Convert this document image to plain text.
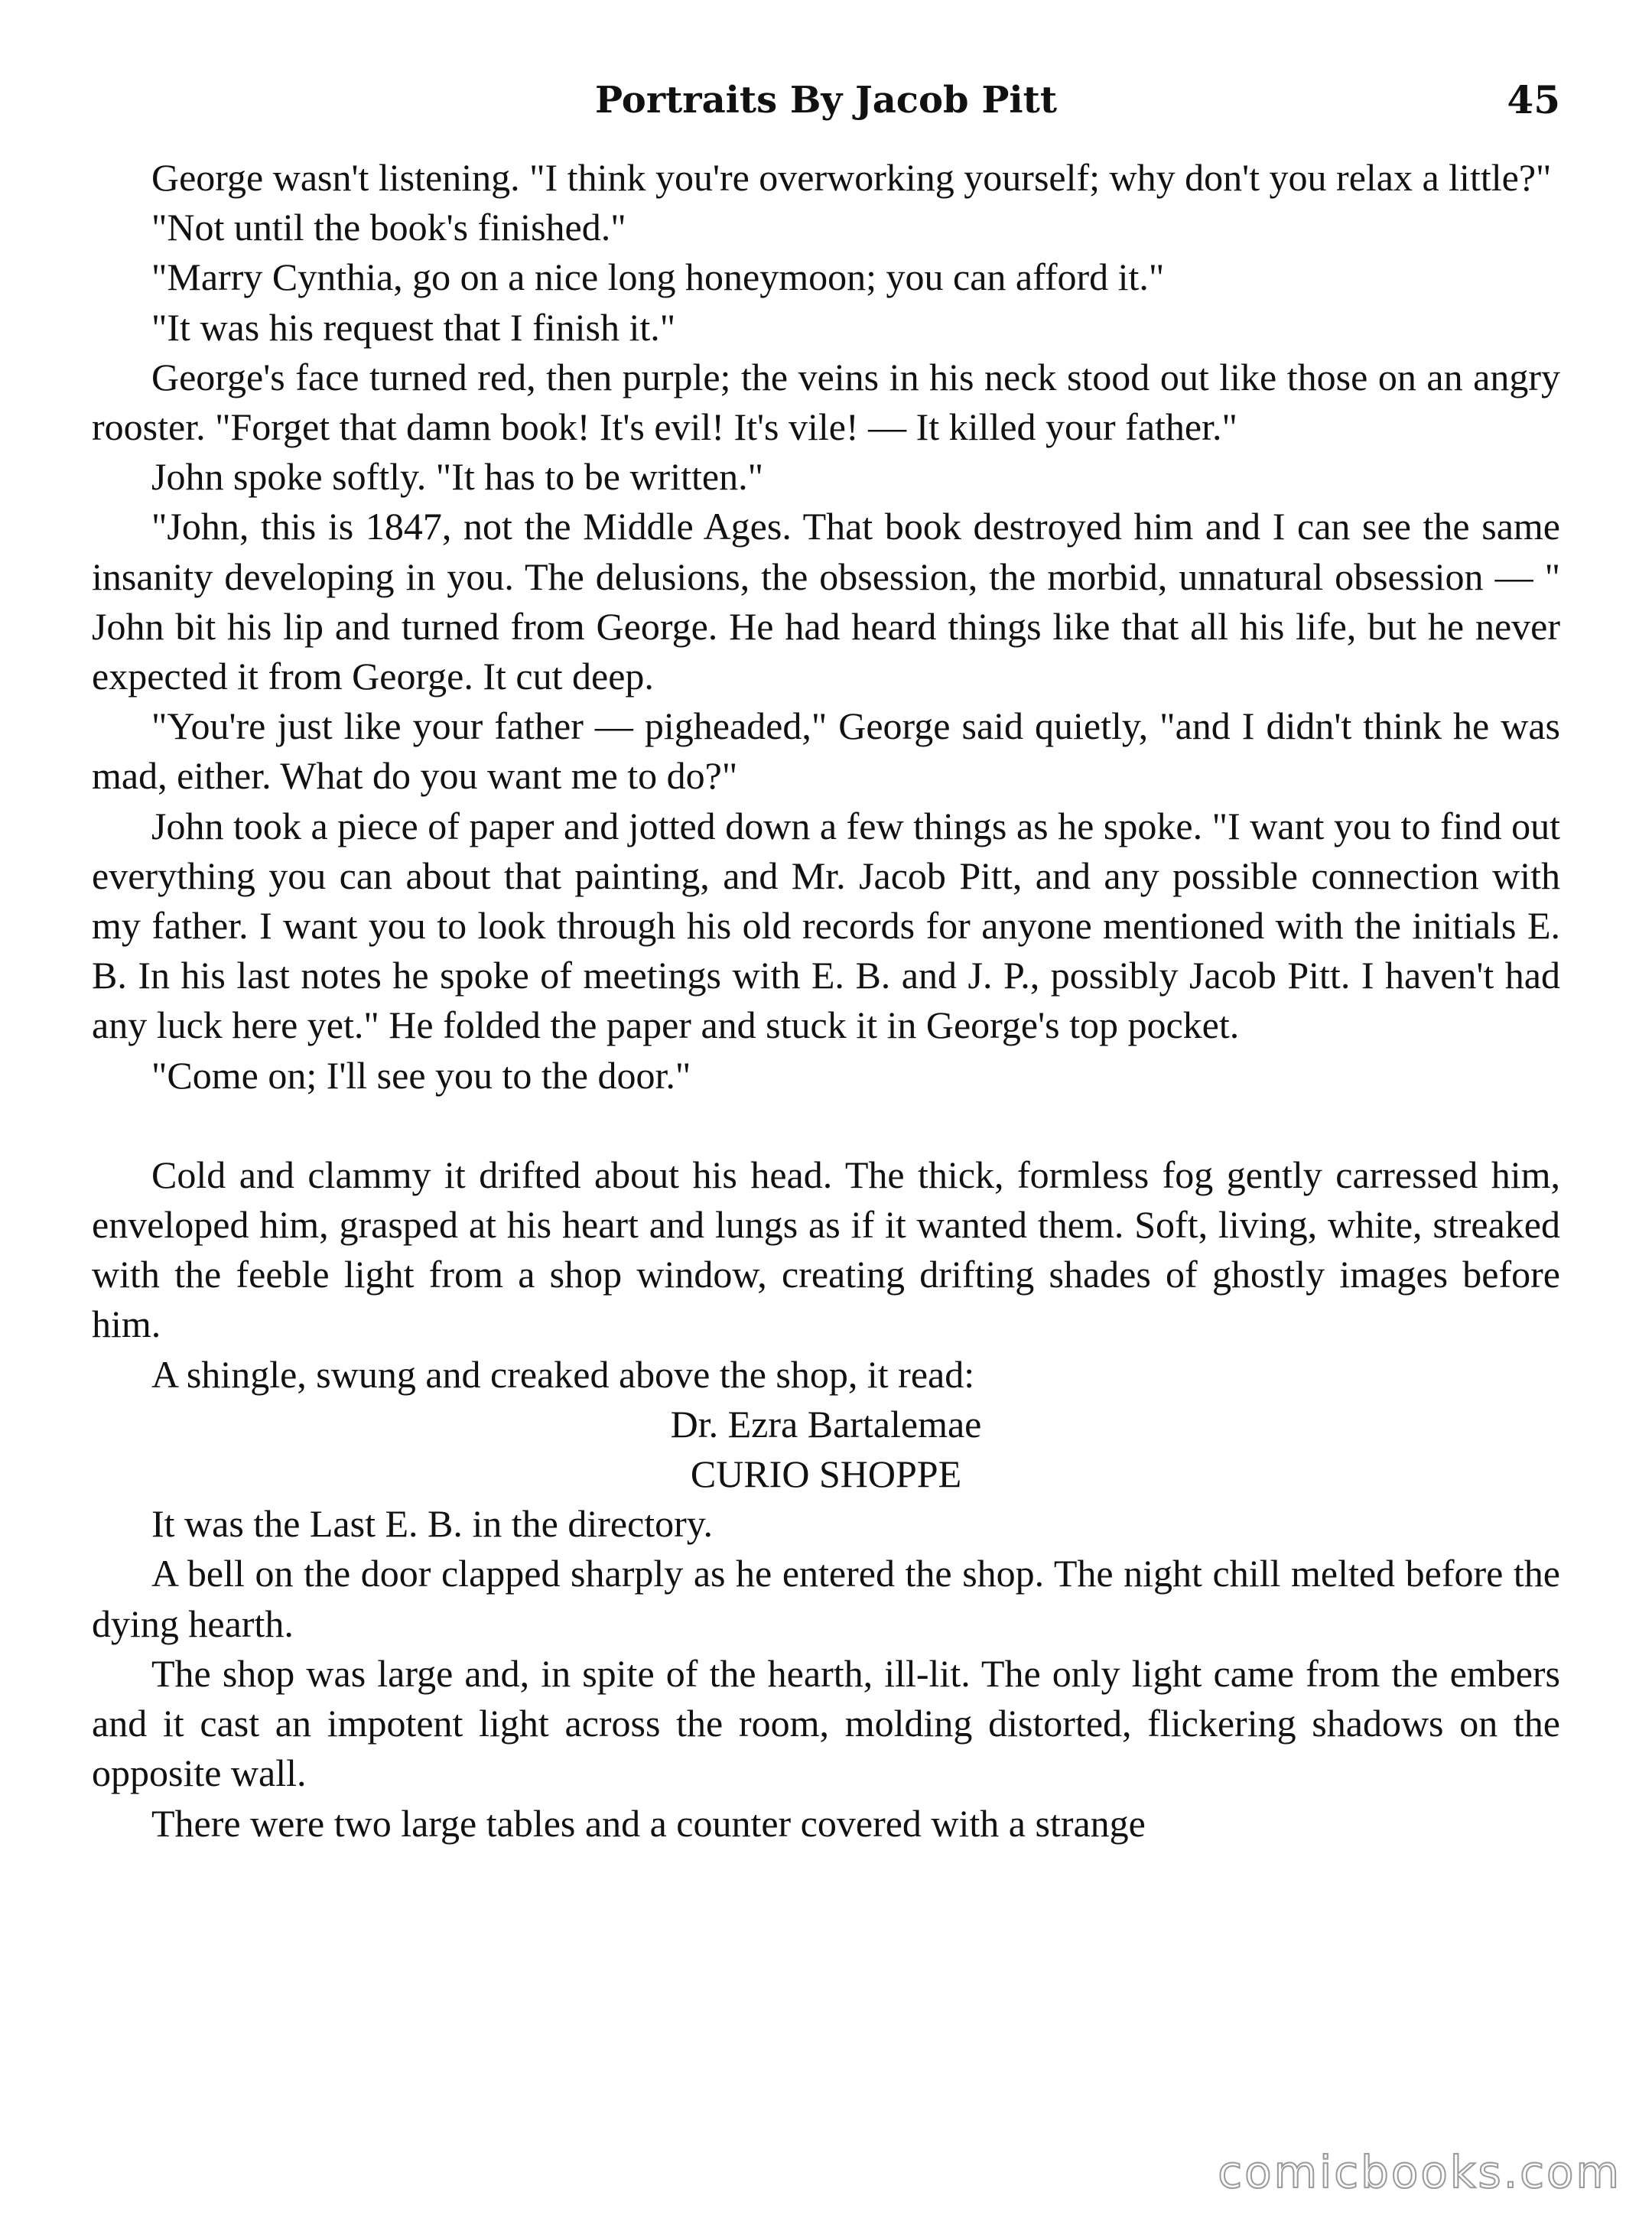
Portraits By Jacob Pitt	45

George wasn't listening. "I think you're overworking yourself; why don't you relax a little?"

"Not until the book's finished."

"Marry Cynthia, go on a nice long honeymoon; you can afford it."

"It was his request that I finish it."

George's face turned red, then purple; the veins in his neck stood out like those on an angry rooster. "Forget that damn book! It's evil! It's vile! — It killed your father."

John spoke softly. "It has to be written."

"John, this is 1847, not the Middle Ages. That book destroyed him and I can see the same insanity developing in you. The delusions, the obsession, the morbid, unnatural obsession — " John bit his lip and turned from George. He had heard things like that all his life, but he never expected it from George. It cut deep.

"You're just like your father — pigheaded," George said quietly, "and I didn't think he was mad, either. What do you want me to do?"

John took a piece of paper and jotted down a few things as he spoke. "I want you to find out everything you can about that painting, and Mr. Jacob Pitt, and any possible connection with my father. I want you to look through his old records for anyone mentioned with the initials E. B. In his last notes he spoke of meetings with E. B. and J. P., possibly Jacob Pitt. I haven't had any luck here yet." He folded the paper and stuck it in George's top pocket.

"Come on; I'll see you to the door."

Cold and clammy it drifted about his head. The thick, formless fog gently carressed him, enveloped him, grasped at his heart and lungs as if it wanted them. Soft, living, white, streaked with the feeble light from a shop window, creating drifting shades of ghostly images before him.

A shingle, swung and creaked above the shop, it read:

Dr. Ezra Bartalemae

CURIO SHOPPE

It was the Last E. B. in the directory.

A bell on the door clapped sharply as he entered the shop. The night chill melted before the dying hearth.

The shop was large and, in spite of the hearth, ill-lit. The only light came from the embers and it cast an impotent light across the room, molding distorted, flickering shadows on the opposite wall.

There were two large tables and a counter covered with a strange

comicbooks.com
